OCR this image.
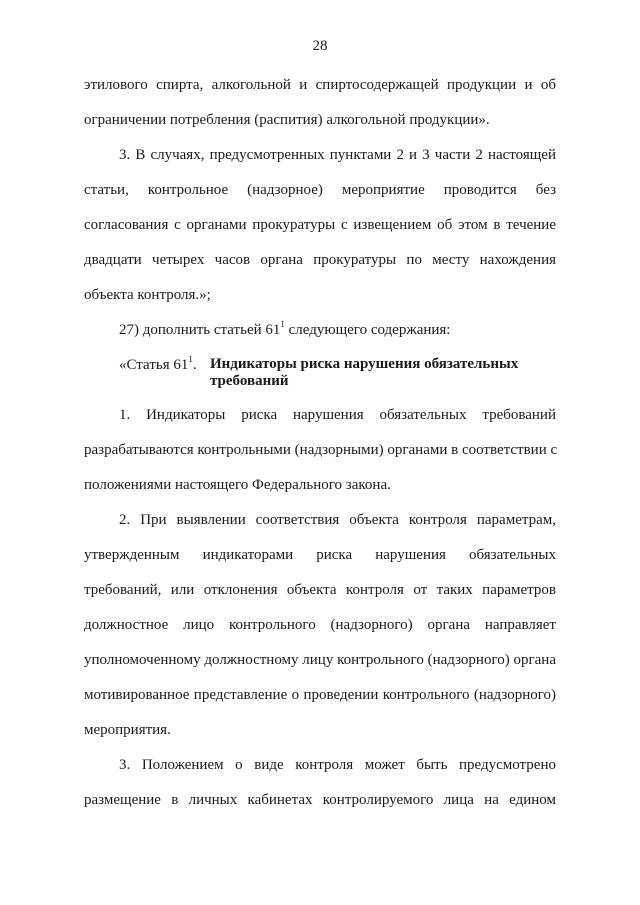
28
этилового спирта, алкогольной и спиртосодержащей продукции и об
ограничении потребления (распития) алкогольной продукции».
3. В случаях, предусмотренных пунктами 2 и 3 части 2 настоящей
статьи, контрольное (надзорное) мероприятие проводится без
согласования с органами прокуратуры с извещением об этом в течение
двадцати четырех часов органа прокуратуры по месту нахождения
объекта контроля.»;
27) дополнить статьей $61^1$ следующего содержания:
«Статья $61^1$. Индикаторы риска нарушения обязательных
требований
1. Индикаторы риска нарушения обязательных требований
разрабатываются контрольными (надзорными) органами в соответствии с
положениями настоящего Федерального закона.
2. При выявлении соответствия объекта контроля параметрам,
утвержденным индикаторами риска нарушения обязательных
требований, или отклонения объекта контроля от таких параметров
должностное лицо контрольного (надзорного) органа направляет
уполномоченному должностному лицу контрольного (надзорного) органа
мотивированное представление о проведении контрольного (надзорного)
мероприятия.
3. Положением о виде контроля может быть предусмотрено
размещение в личных кабинетах контролируемого лица на едином
